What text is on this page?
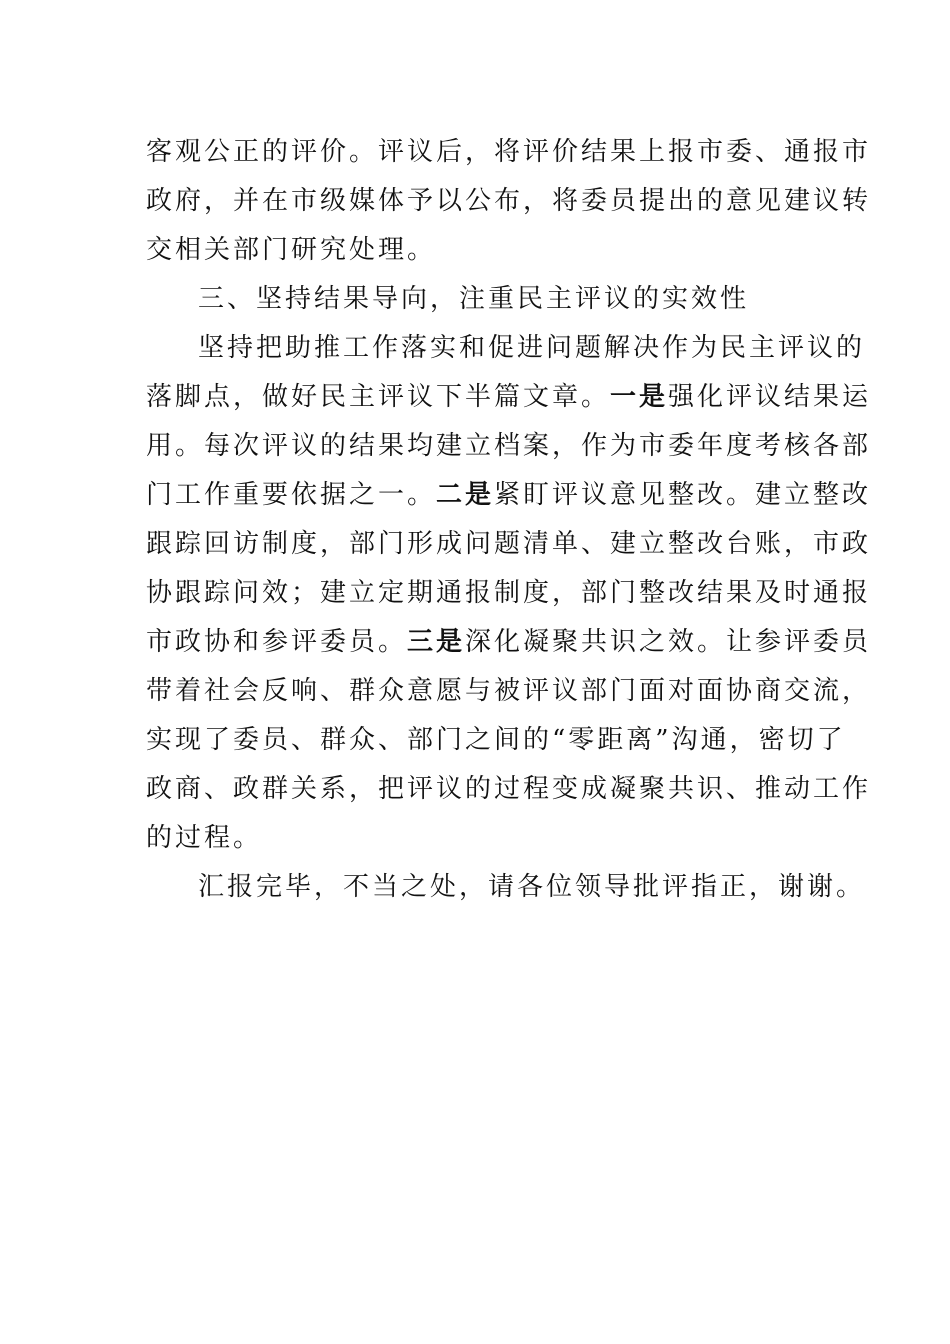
客观公正的评价。评议后，将评价结果上报市委、通报市
政府，并在市级媒体予以公布，将委员提出的意见建议转
交相关部门研究处理。
三、坚持结果导向，注重民主评议的实效性
坚持把助推工作落实和促进问题解决作为民主评议的
落脚点，做好民主评议下半篇文章。一是强化评议结果运
用。每次评议的结果均建立档案，作为市委年度考核各部
门工作重要依据之一。二是紧盯评议意见整改。建立整改
跟踪回访制度，部门形成问题清单、建立整改台账，市政
协跟踪问效；建立定期通报制度，部门整改结果及时通报
市政协和参评委员。三是深化凝聚共识之效。让参评委员
带着社会反响、群众意愿与被评议部门面对面协商交流，
实现了委员、群众、部门之间的“零距离”沟通，密切了
政商、政群关系，把评议的过程变成凝聚共识、推动工作
的过程。
汇报完毕，不当之处，请各位领导批评指正，谢谢。
